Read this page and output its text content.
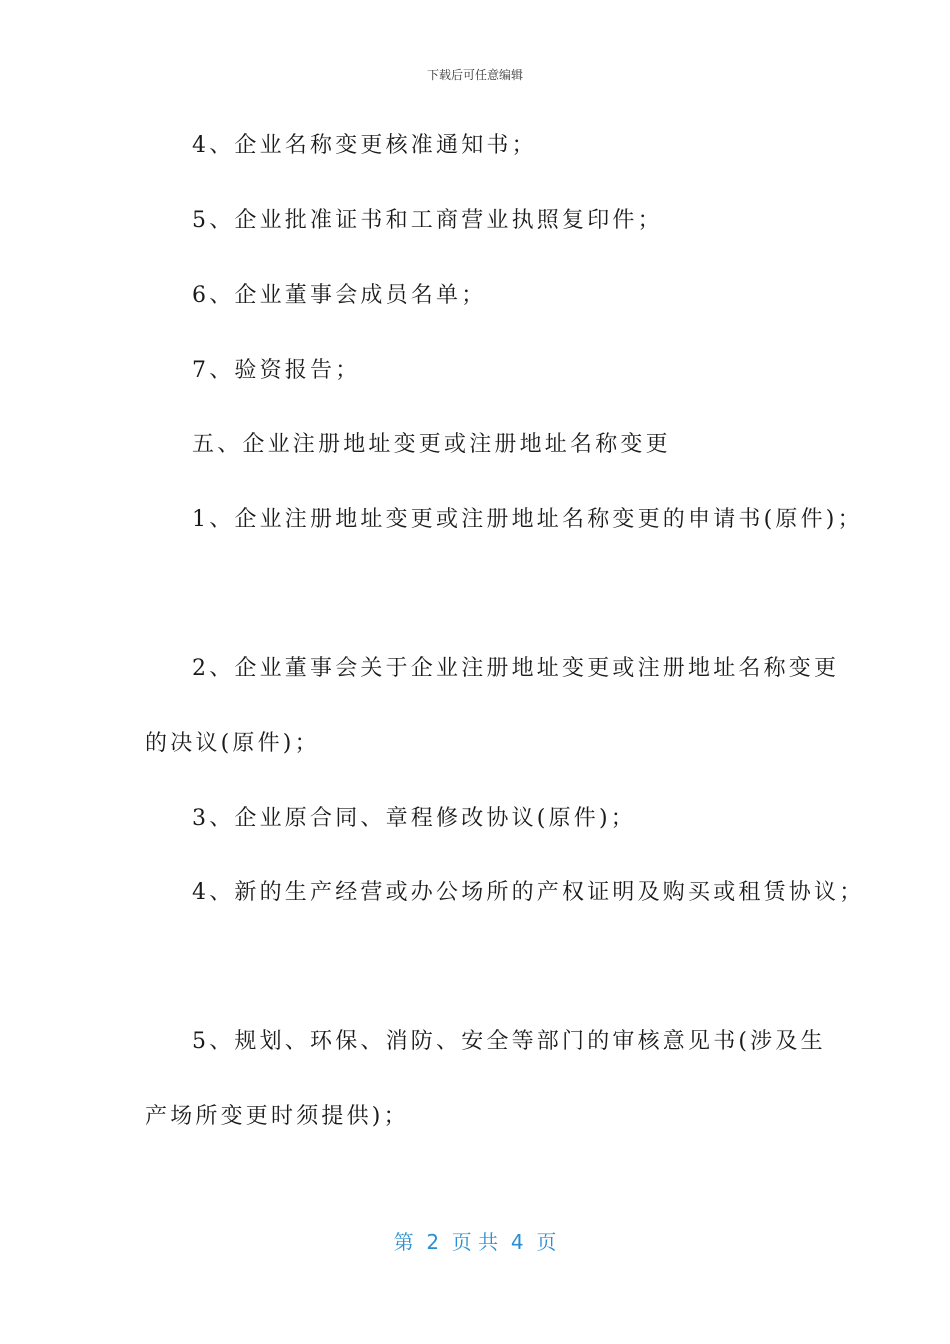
下载后可任意编辑
4、企业名称变更核准通知书；
5、企业批准证书和工商营业执照复印件；
6、企业董事会成员名单；
7、验资报告；
五、企业注册地址变更或注册地址名称变更
1、企业注册地址变更或注册地址名称变更的申请书(原件)；
2、企业董事会关于企业注册地址变更或注册地址名称变更
的决议(原件)；
3、企业原合同、章程修改协议(原件)；
4、新的生产经营或办公场所的产权证明及购买或租赁协议；
5、规划、环保、消防、安全等部门的审核意见书(涉及生
产场所变更时须提供)；
第  2  页 共  4  页
